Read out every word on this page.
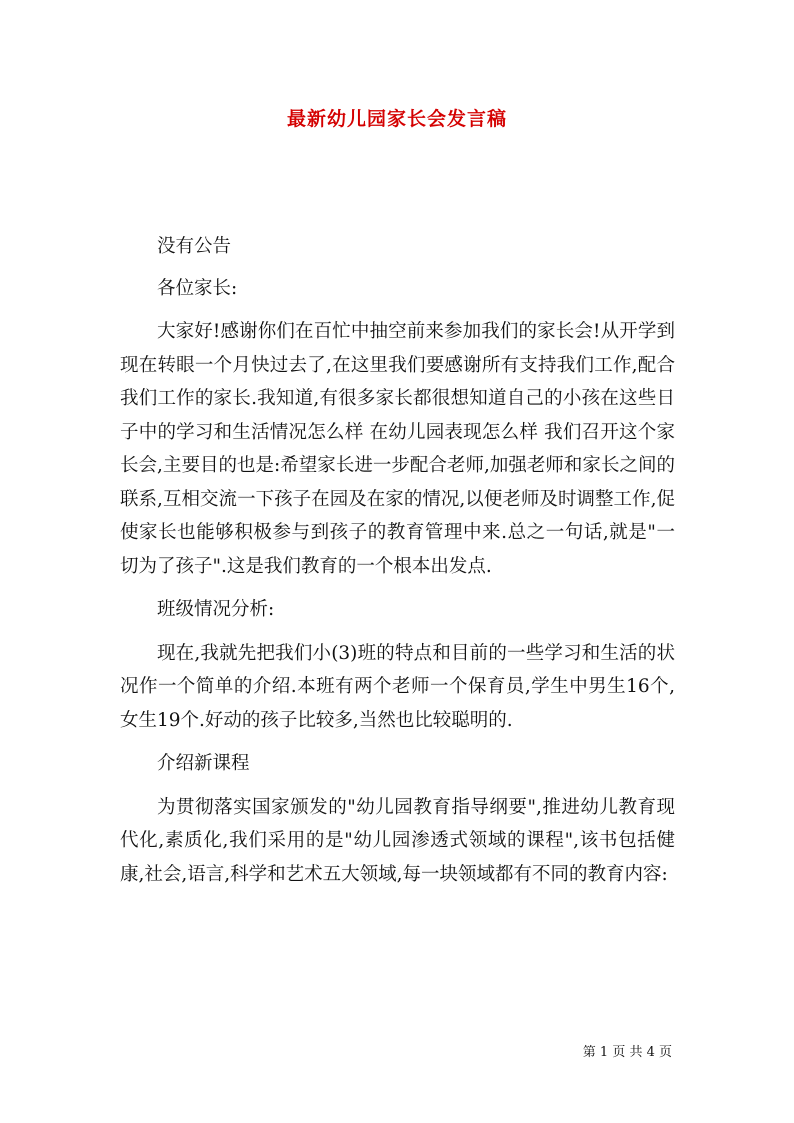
最新幼儿园家长会发言稿

没有公告

各位家长:

大家好!感谢你们在百忙中抽空前来参加我们的家长会!从开学到现在转眼一个月快过去了,在这里我们要感谢所有支持我们工作,配合我们工作的家长.我知道,有很多家长都很想知道自己的小孩在这些日子中的学习和生活情况怎么样 在幼儿园表现怎么样 我们召开这个家长会,主要目的也是:希望家长进一步配合老师,加强老师和家长之间的联系,互相交流一下孩子在园及在家的情况,以便老师及时调整工作,促使家长也能够积极参与到孩子的教育管理中来.总之一句话,就是"一切为了孩子".这是我们教育的一个根本出发点.

班级情况分析:

现在,我就先把我们小(3)班的特点和目前的一些学习和生活的状况作一个简单的介绍.本班有两个老师一个保育员,学生中男生16个,女生19个.好动的孩子比较多,当然也比较聪明的.

介绍新课程

为贯彻落实国家颁发的"幼儿园教育指导纲要",推进幼儿教育现代化,素质化,我们采用的是"幼儿园渗透式领域的课程",该书包括健康,社会,语言,科学和艺术五大领域,每一块领域都有不同的教育内容:

第 1 页 共 4 页
